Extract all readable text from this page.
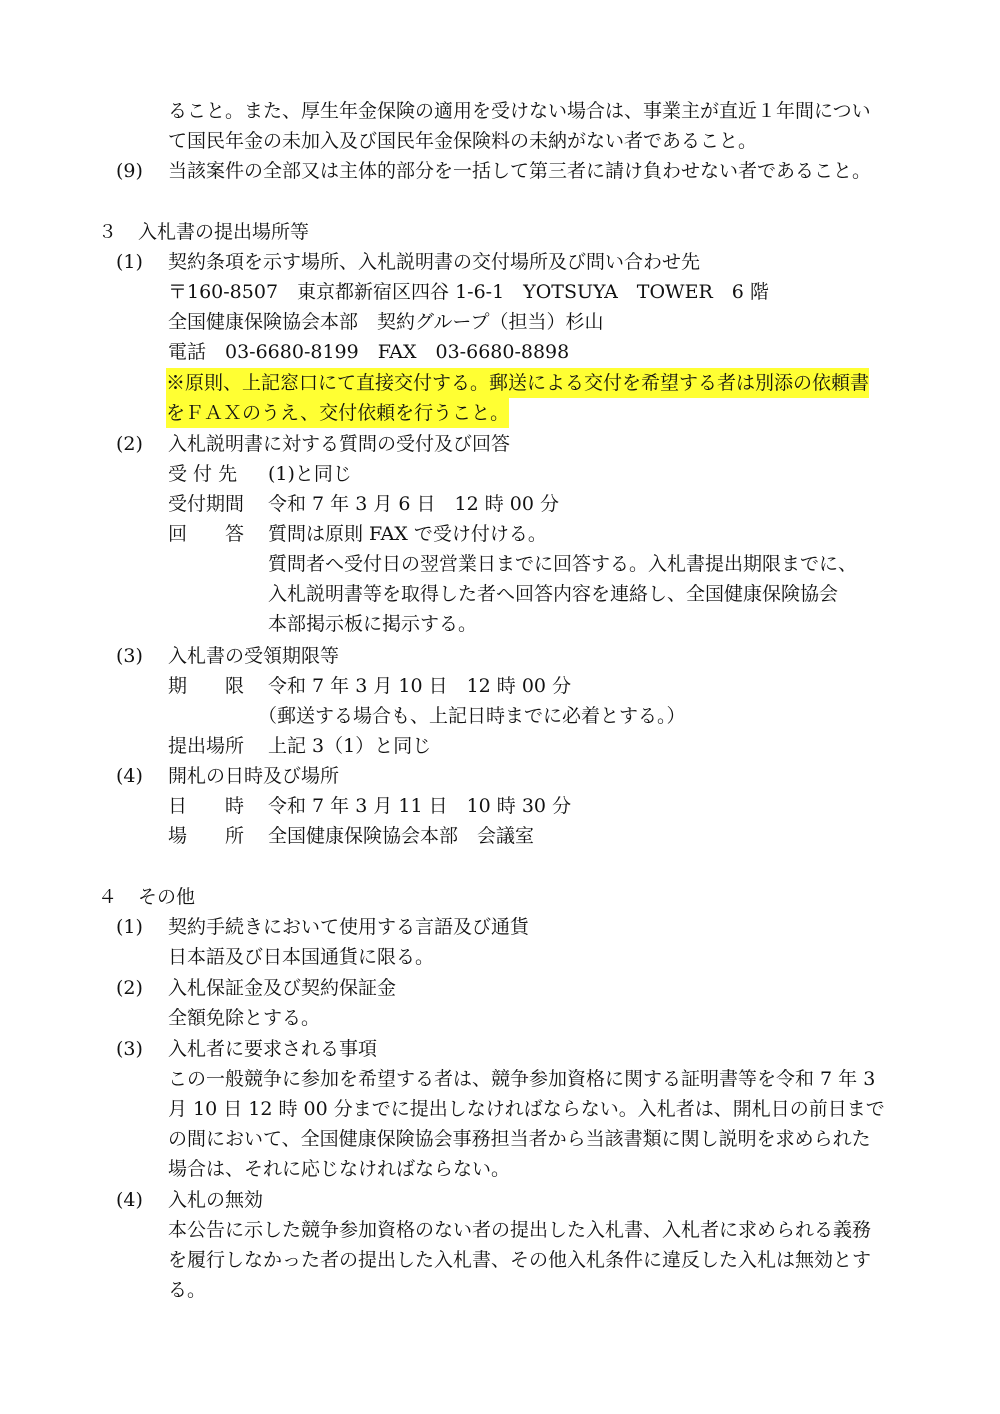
ること。また、厚生年金保険の適用を受けない場合は、事業主が直近１年間につい
て国民年金の未加入及び国民年金保険料の未納がない者であること。
(9) 当該案件の全部又は主体的部分を一括して第三者に請け負わせない者であること。
３ 入札書の提出場所等
(1) 契約条項を示す場所、入札説明書の交付場所及び問い合わせ先
〒160-8507　東京都新宿区四谷 1-6-1　YOTSUYA　TOWER　6 階
全国健康保険協会本部　契約グループ（担当）杉山
電話　03-6680-8199　FAX　03-6680-8898
※原則、上記窓口にて直接交付する。郵送による交付を希望する者は別添の依頼書
をＦＡＸのうえ、交付依頼を行うこと。
(2) 入札説明書に対する質問の受付及び回答
受 付 先 (1)と同じ
受付期間 令和 7 年 3 月 6 日　12 時 00 分
回　　答 質問は原則 FAX で受け付ける。
質問者へ受付日の翌営業日までに回答する。入札書提出期限までに、
入札説明書等を取得した者へ回答内容を連絡し、全国健康保険協会
本部掲示板に掲示する。
(3) 入札書の受領期限等
期　　限 令和 7 年 3 月 10 日　12 時 00 分
（郵送する場合も、上記日時までに必着とする。）
提出場所 上記 3（1）と同じ
(4) 開札の日時及び場所
日　　時 令和 7 年 3 月 11 日　10 時 30 分
場　　所 全国健康保険協会本部　会議室
４ その他
(1) 契約手続きにおいて使用する言語及び通貨
日本語及び日本国通貨に限る。
(2) 入札保証金及び契約保証金
全額免除とする。
(3) 入札者に要求される事項
この一般競争に参加を希望する者は、競争参加資格に関する証明書等を令和 7 年 3
月 10 日 12 時 00 分までに提出しなければならない。入札者は、開札日の前日まで
の間において、全国健康保険協会事務担当者から当該書類に関し説明を求められた
場合は、それに応じなければならない。
(4) 入札の無効
本公告に示した競争参加資格のない者の提出した入札書、入札者に求められる義務
を履行しなかった者の提出した入札書、その他入札条件に違反した入札は無効とす
る。
